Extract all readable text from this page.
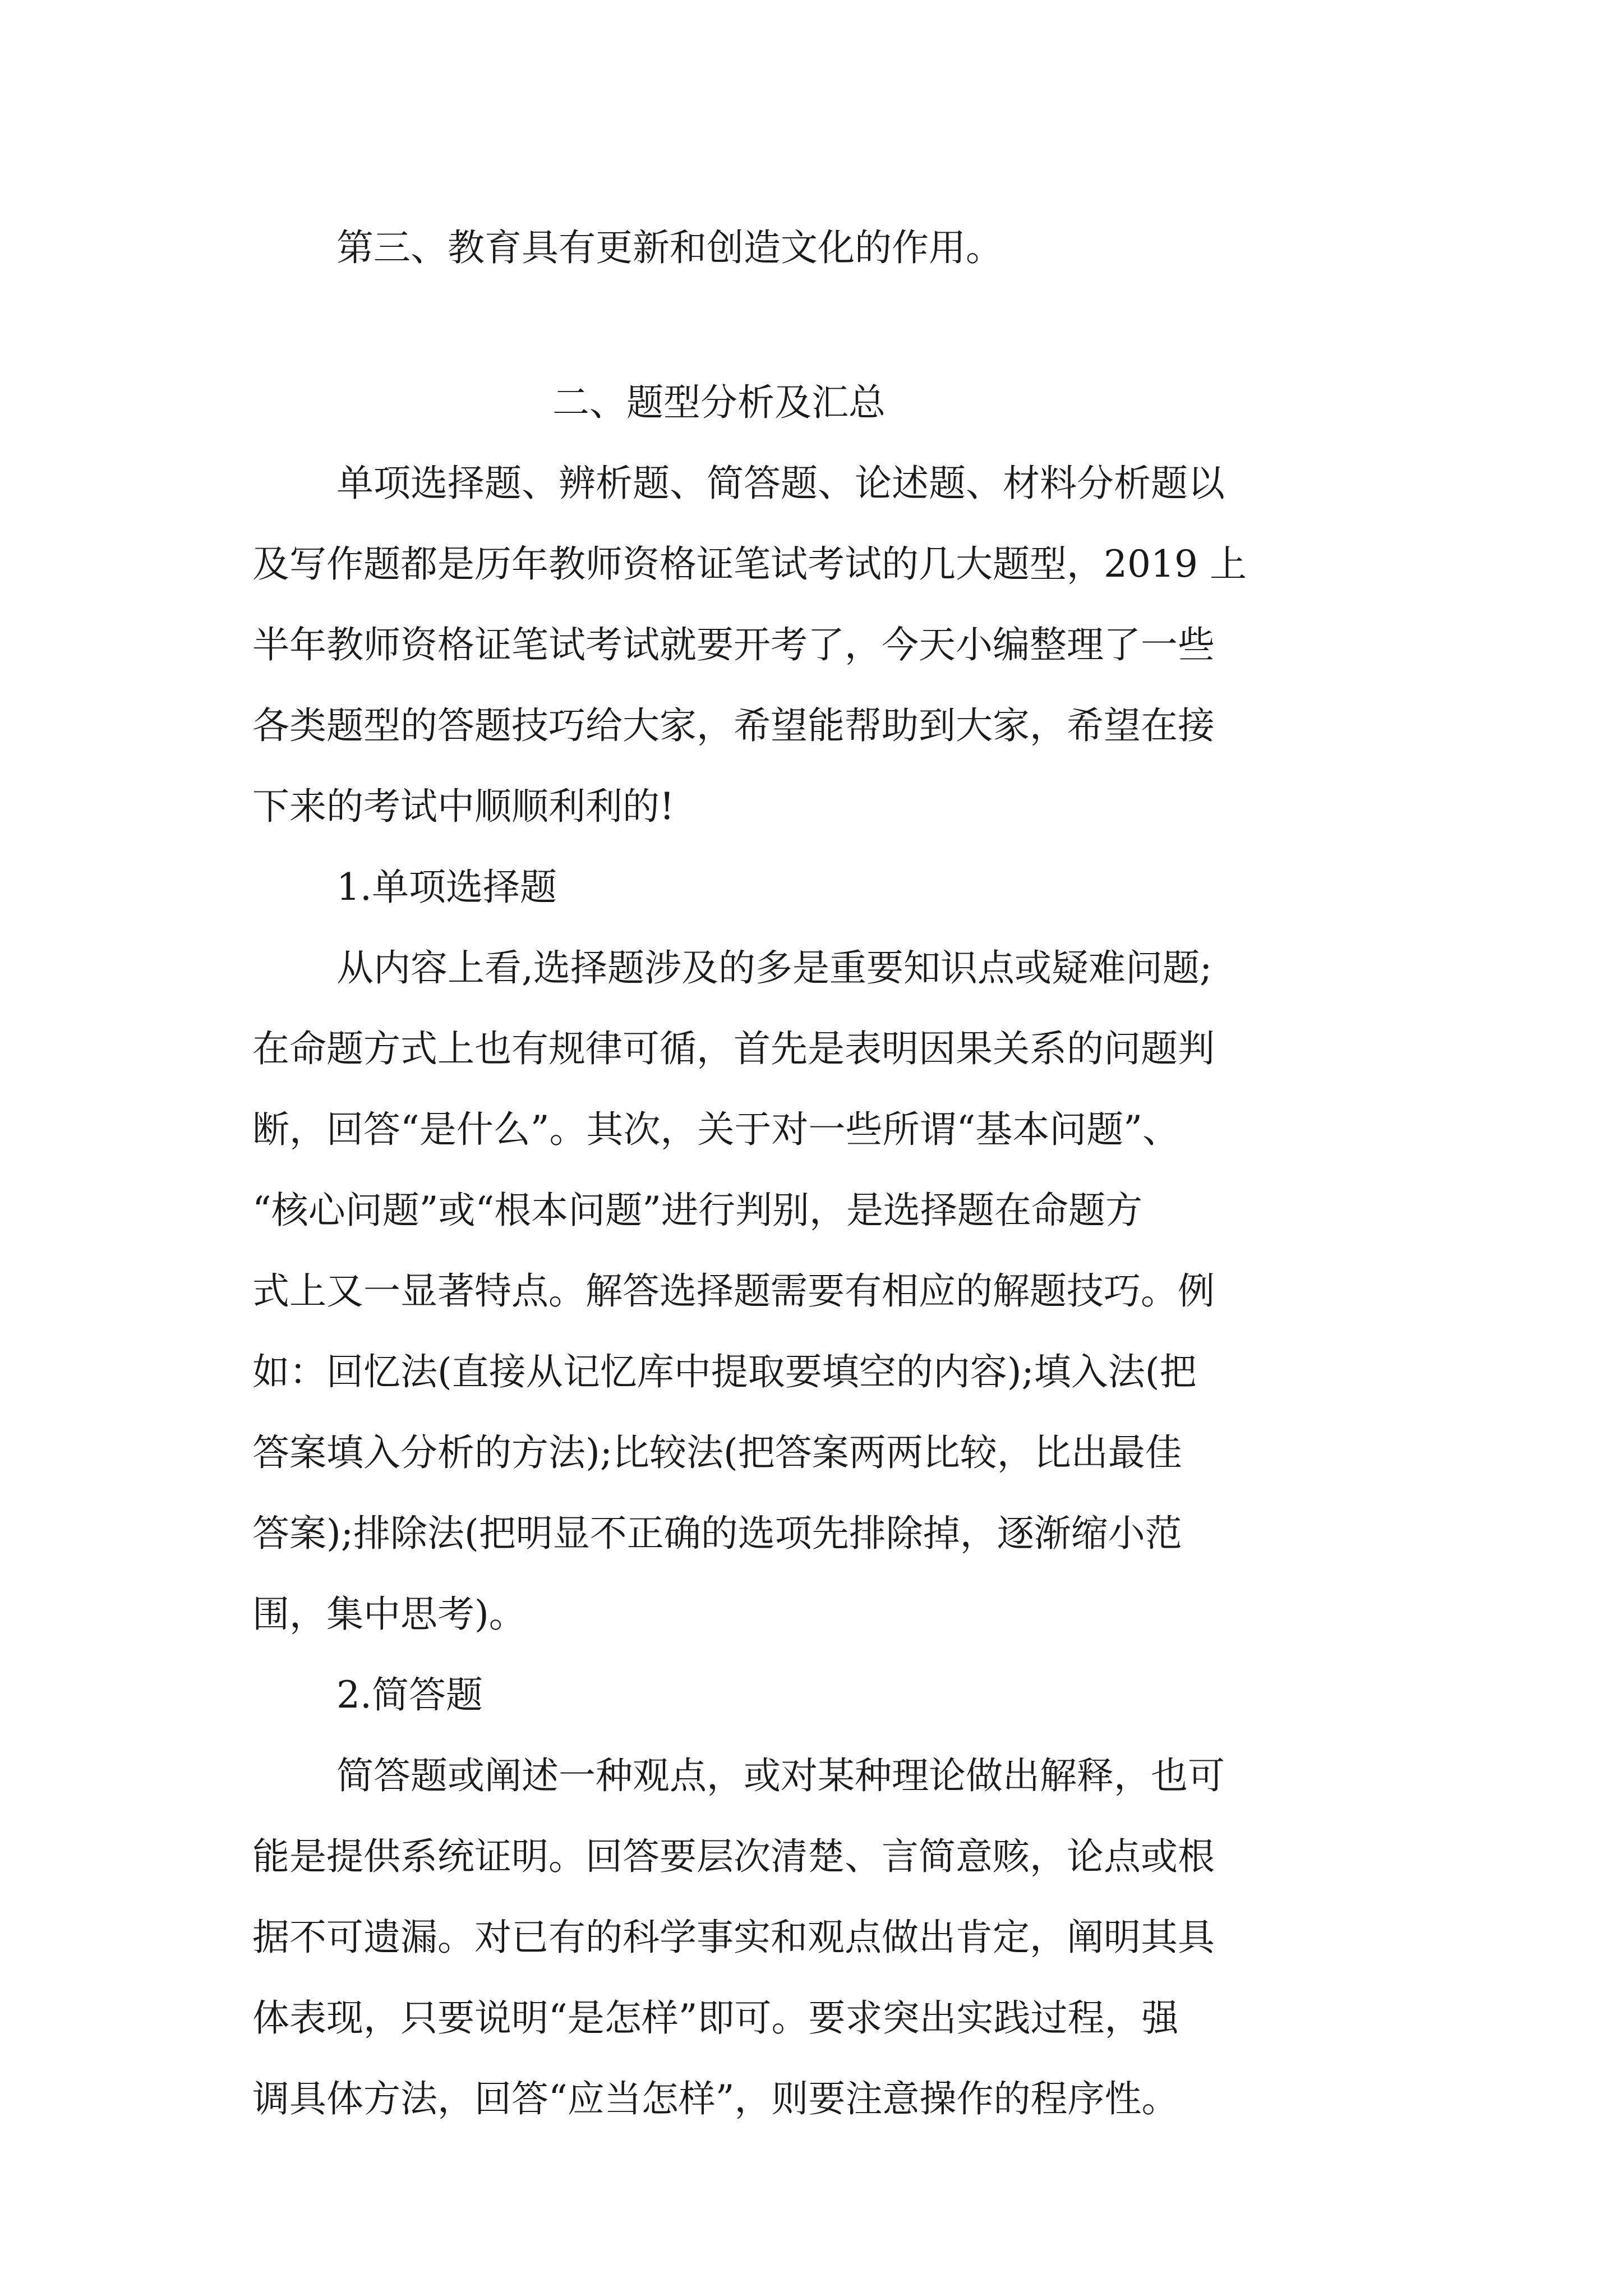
第三、教育具有更新和创造文化的作用。
二、题型分析及汇总
单项选择题、辨析题、简答题、论述题、材料分析题以
及写作题都是历年教师资格证笔试考试的几大题型，2019 上
半年教师资格证笔试考试就要开考了，今天小编整理了一些
各类题型的答题技巧给大家，希望能帮助到大家，希望在接
下来的考试中顺顺利利的!
1.单项选择题
从内容上看,选择题涉及的多是重要知识点或疑难问题;
在命题方式上也有规律可循，首先是表明因果关系的问题判
断，回答“是什么”。其次，关于对一些所谓“基本问题”、
“核心问题”或“根本问题”进行判别，是选择题在命题方
式上又一显著特点。解答选择题需要有相应的解题技巧。例
如：回忆法(直接从记忆库中提取要填空的内容);填入法(把
答案填入分析的方法);比较法(把答案两两比较，比出最佳
答案);排除法(把明显不正确的选项先排除掉，逐渐缩小范
围，集中思考)。
2.简答题
简答题或阐述一种观点，或对某种理论做出解释，也可
能是提供系统证明。回答要层次清楚、言简意赅，论点或根
据不可遗漏。对已有的科学事实和观点做出肯定，阐明其具
体表现，只要说明“是怎样”即可。要求突出实践过程，强
调具体方法，回答“应当怎样”，则要注意操作的程序性。
